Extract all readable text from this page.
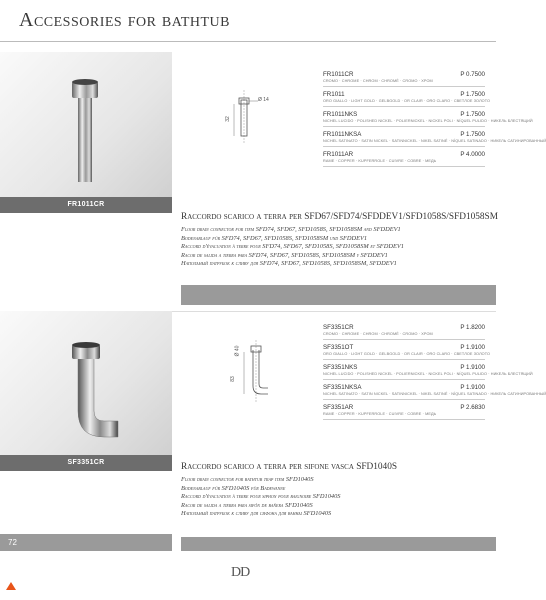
Accessories for bathtub
FR1011CR
Ø 14
32
FR1011CR	P 0.7500
CROMO · CHROME · CHROM · CHROMÉ · CROMO · ХРОМ
FR1011	P 1.7500
ORO GIALLO · LIGHT GOLD · GELBGOLD · OR CLAIR · ORO CLARO · СВЕТЛОЕ ЗОЛОТО
FR1011NKS	P 1.7500
NICHEL LUCIDO · POLISHED NICKEL · POLIERNICKEL · NICKEL POLI · NÍQUEL PULIDO · НИКЕЛЬ БЛЕСТЯЩИЙ
FR1011NKSA	P 1.7500
NICHEL SATINATO · SATIN NICKEL · SATINNICKEL · NIKEL SATINÉ · NÍQUEL SATINADO · НИКЕЛЬ САТИНИРОВАННЫЙ
FR1011AR	P 4.0000
RAME · COPPER · KUPFERROLE · CUIVRE · COBRE · МЕДЬ
Raccordo scarico a terra per SFD67/SFD74/SFDDEV1/SFD1058S/SFD1058SM
Floor drain connector for item SFD74, SFD67, SFD1058S, SFD1058SM and SFDDEV1
Bodenablauf für SFD74, SFD67, SFD1058S, SFD1058SM und SFDDEV1
Raccord d'évacuation à terre pour SFD74, SFD67, SFD1058S, SFD1058SM et SFDDEV1
Racor de salida a tierra para SFD74, SFD67, SFD1058S, SFD1058SM y SFDDEV1
Напольный патрубок к сливу для SFD74, SFD67, SFD1058S, SFD1058SM, SFDDEV1
SF3351CR
Ø 40
83
SF3351CR	P 1.8200
CROMO · CHROME · CHROM · CHROMÉ · CROMO · ХРОМ
SF3351OT	P 1.9100
ORO GIALLO · LIGHT GOLD · GELBGOLD · OR CLAIR · ORO CLARO · СВЕТЛОЕ ЗОЛОТО
SF3351NKS	P 1.9100
NICHEL LUCIDO · POLISHED NICKEL · POLIERNICKEL · NICKEL POLI · NÍQUEL PULIDO · НИКЕЛЬ БЛЕСТЯЩИЙ
SF3351NKSA	P 1.9100
NICHEL SATINATO · SATIN NICKEL · SATINNICKEL · NIKEL SATINÉ · NÍQUEL SATINADO · НИКЕЛЬ САТИНИРОВАННЫЙ
SF3351AR	P 2.6830
RAME · COPPER · KUPFERROLE · CUIVRE · COBRE · МЕДЬ
Raccordo scarico a terra per sifone vasca SFD1040S
Floor drain connector for bathtub trap item SFD1040S
Bodenablauf für SFD1040S für Badewanne
Raccord d'évacuation à terre pour siphon pour baignoire SFD1040S
Racor de salida a tierra para sifón de bañera SFD1040S
Напольный патрубок к сливу для сифона для ванны SFD1040S
72
DD
